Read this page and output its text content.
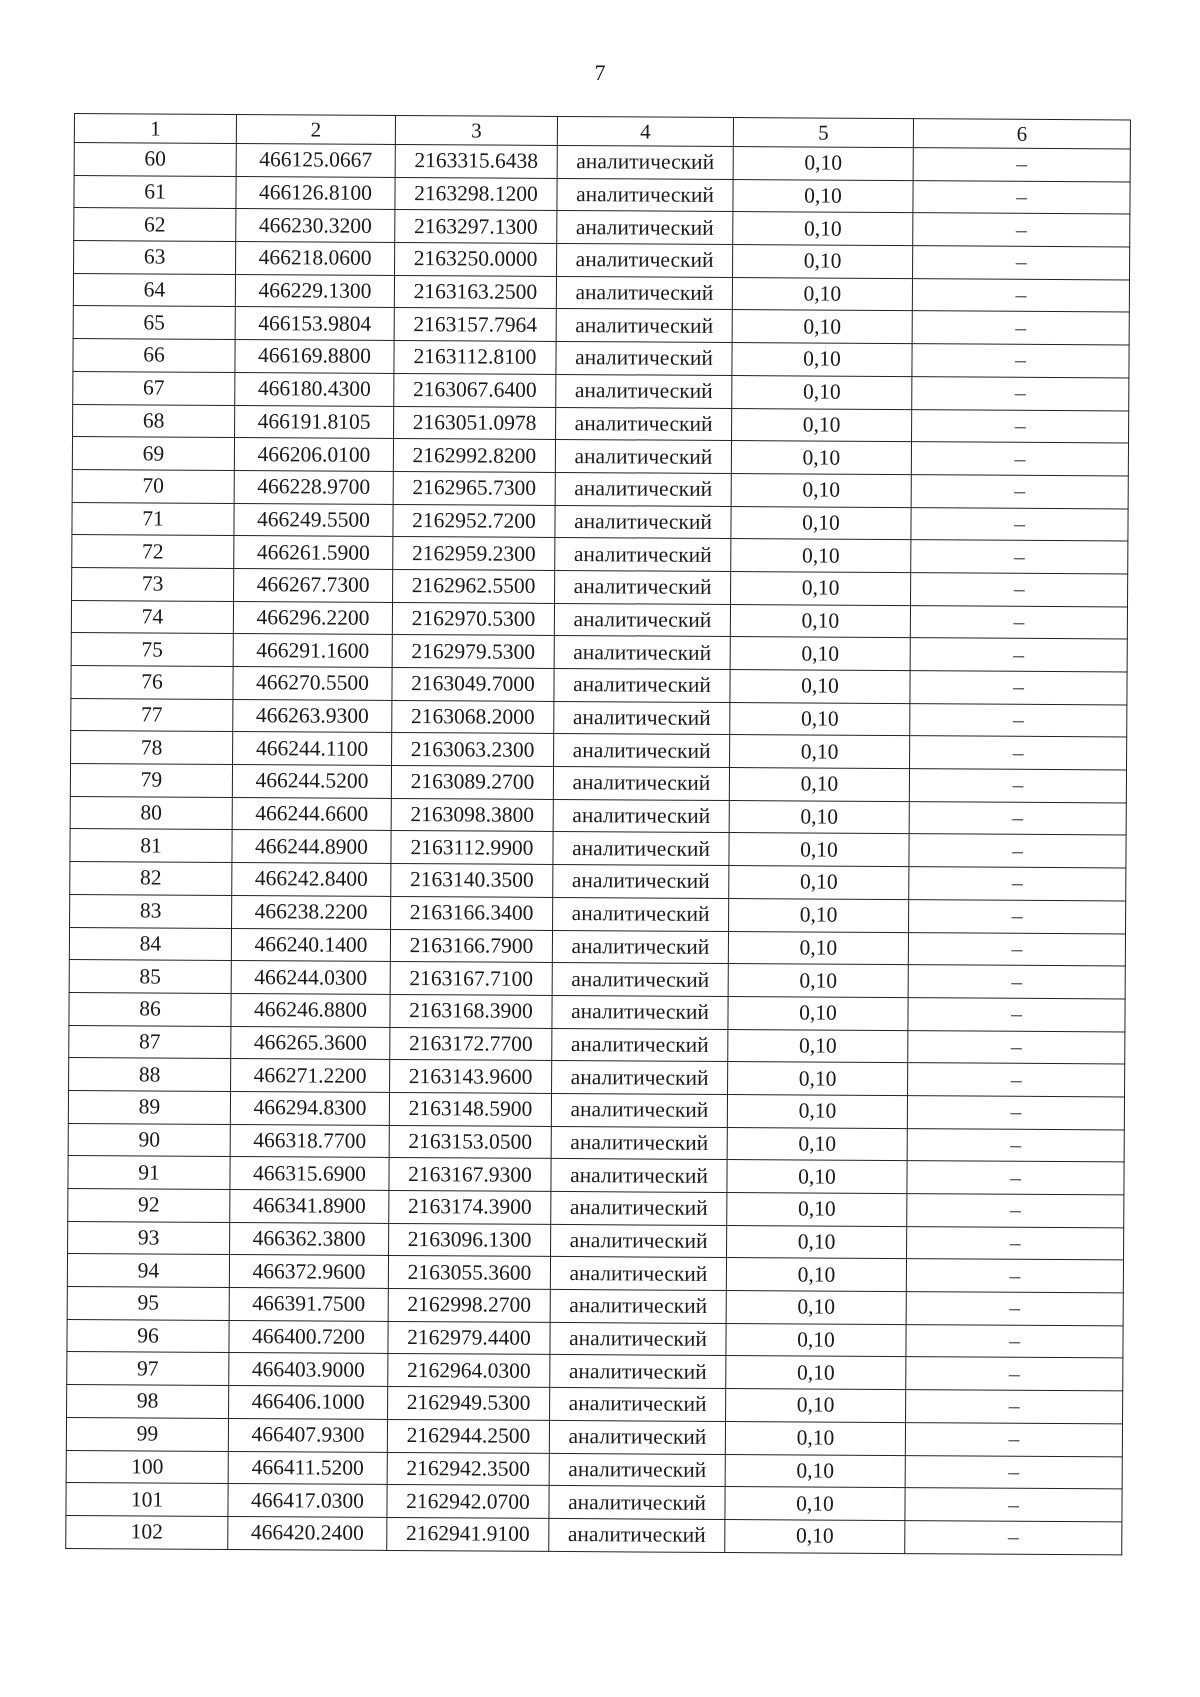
7
1	2	3	4	5	6
60	466125.0667	2163315.6438	аналитический	0,10	–
61	466126.8100	2163298.1200	аналитический	0,10	–
62	466230.3200	2163297.1300	аналитический	0,10	–
63	466218.0600	2163250.0000	аналитический	0,10	–
64	466229.1300	2163163.2500	аналитический	0,10	–
65	466153.9804	2163157.7964	аналитический	0,10	–
66	466169.8800	2163112.8100	аналитический	0,10	–
67	466180.4300	2163067.6400	аналитический	0,10	–
68	466191.8105	2163051.0978	аналитический	0,10	–
69	466206.0100	2162992.8200	аналитический	0,10	–
70	466228.9700	2162965.7300	аналитический	0,10	–
71	466249.5500	2162952.7200	аналитический	0,10	–
72	466261.5900	2162959.2300	аналитический	0,10	–
73	466267.7300	2162962.5500	аналитический	0,10	–
74	466296.2200	2162970.5300	аналитический	0,10	–
75	466291.1600	2162979.5300	аналитический	0,10	–
76	466270.5500	2163049.7000	аналитический	0,10	–
77	466263.9300	2163068.2000	аналитический	0,10	–
78	466244.1100	2163063.2300	аналитический	0,10	–
79	466244.5200	2163089.2700	аналитический	0,10	–
80	466244.6600	2163098.3800	аналитический	0,10	–
81	466244.8900	2163112.9900	аналитический	0,10	–
82	466242.8400	2163140.3500	аналитический	0,10	–
83	466238.2200	2163166.3400	аналитический	0,10	–
84	466240.1400	2163166.7900	аналитический	0,10	–
85	466244.0300	2163167.7100	аналитический	0,10	–
86	466246.8800	2163168.3900	аналитический	0,10	–
87	466265.3600	2163172.7700	аналитический	0,10	–
88	466271.2200	2163143.9600	аналитический	0,10	–
89	466294.8300	2163148.5900	аналитический	0,10	–
90	466318.7700	2163153.0500	аналитический	0,10	–
91	466315.6900	2163167.9300	аналитический	0,10	–
92	466341.8900	2163174.3900	аналитический	0,10	–
93	466362.3800	2163096.1300	аналитический	0,10	–
94	466372.9600	2163055.3600	аналитический	0,10	–
95	466391.7500	2162998.2700	аналитический	0,10	–
96	466400.7200	2162979.4400	аналитический	0,10	–
97	466403.9000	2162964.0300	аналитический	0,10	–
98	466406.1000	2162949.5300	аналитический	0,10	–
99	466407.9300	2162944.2500	аналитический	0,10	–
100	466411.5200	2162942.3500	аналитический	0,10	–
101	466417.0300	2162942.0700	аналитический	0,10	–
102	466420.2400	2162941.9100	аналитический	0,10	–
